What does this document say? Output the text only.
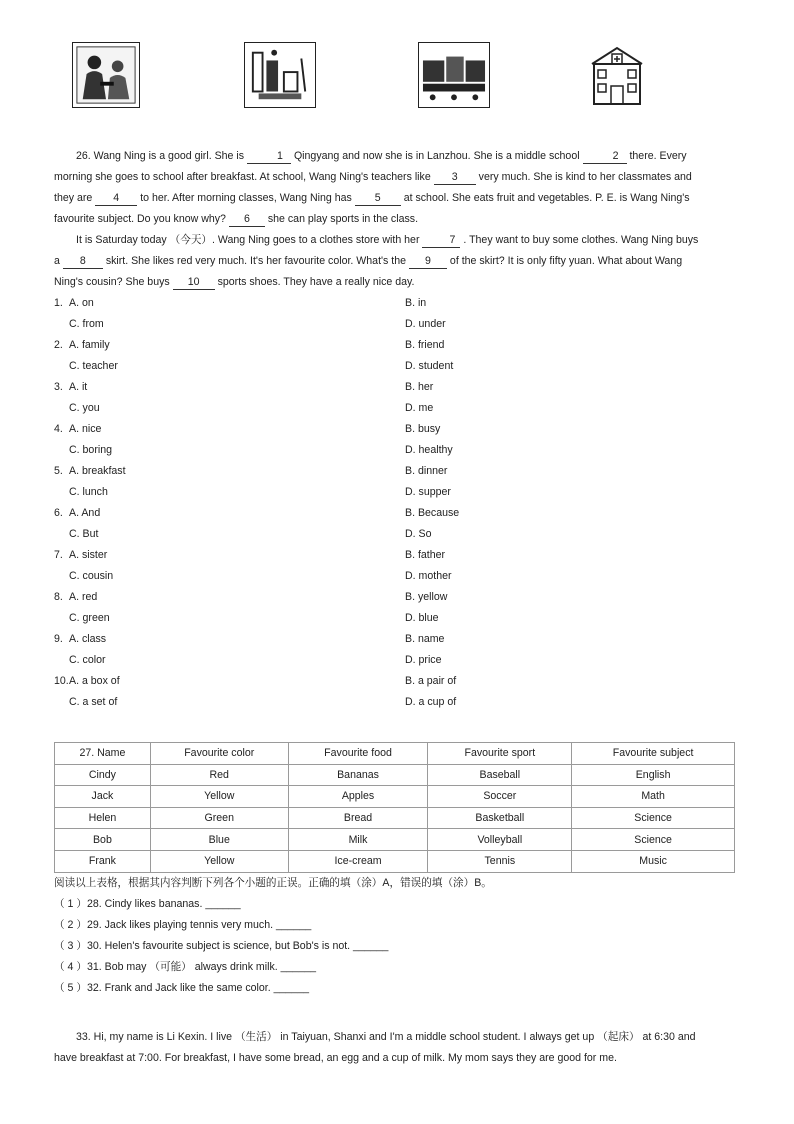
26. Wang Ning is a good girl. She is	1 Qingyang and now she is in Lanzhou. She is a middle school	2 there. Every
morning she goes to school after breakfast. At school, Wang Ning's teachers like 3 very much. She is kind to her classmates and
they are 4 to her. After morning classes, Wang Ning has 5 at school. She eats fruit and vegetables. P. E. is Wang Ning's
favourite subject. Do you know why? 6 she can play sports in the class.
It is Saturday today （今天）. Wang Ning goes to a clothes store with her	7 . They want to buy some clothes. Wang Ning buys
a 8 skirt. She likes red very much. It's her favourite color. What's the 9 of the skirt? It is only fifty yuan. What about Wang
Ning's cousin? She buys 10 sports shoes. They have a really nice day.
1. A. on	B. in
C. from	D. under
2. A. family	B. friend
C. teacher	D. student
3. A. it	B. her
C. you	D. me
4. A. nice	B. busy
C. boring	D. healthy
5. A. breakfast	B. dinner
C. lunch	D. supper
6. A. And	B. Because
C. But	D. So
7. A. sister	B. father
C. cousin	D. mother
8. A. red	B. yellow
C. green	D. blue
9. A. class	B. name
C. color	D. price
10. A. a box of	B. a pair of
C. a set of	D. a cup of
27. Name	Favourite color	Favourite food	Favourite sport	Favourite subject
Cindy	Red	Bananas	Baseball	English
Jack	Yellow	Apples	Soccer	Math
Helen	Green	Bread	Basketball	Science
Bob	Blue	Milk	Volleyball	Science
Frank	Yellow	Ice-cream	Tennis	Music
阅读以上表格，根据其内容判断下列各个小题的正误。正确的填（涂）A，错误的填（涂）B。
（ 1 ）28. Cindy likes bananas. ______
（ 2 ）29. Jack likes playing tennis very much. ______
（ 3 ）30. Helen's favourite subject is science, but Bob's is not. ______
（ 4 ）31. Bob may （可能） always drink milk. ______
（ 5 ）32. Frank and Jack like the same color. ______
33. Hi, my name is Li Kexin. I live （生活） in Taiyuan, Shanxi and I'm a middle school student. I always get up （起床） at 6:30 and
have breakfast at 7:00. For breakfast, I have some bread, an egg and a cup of milk. My mom says they are good for me.
